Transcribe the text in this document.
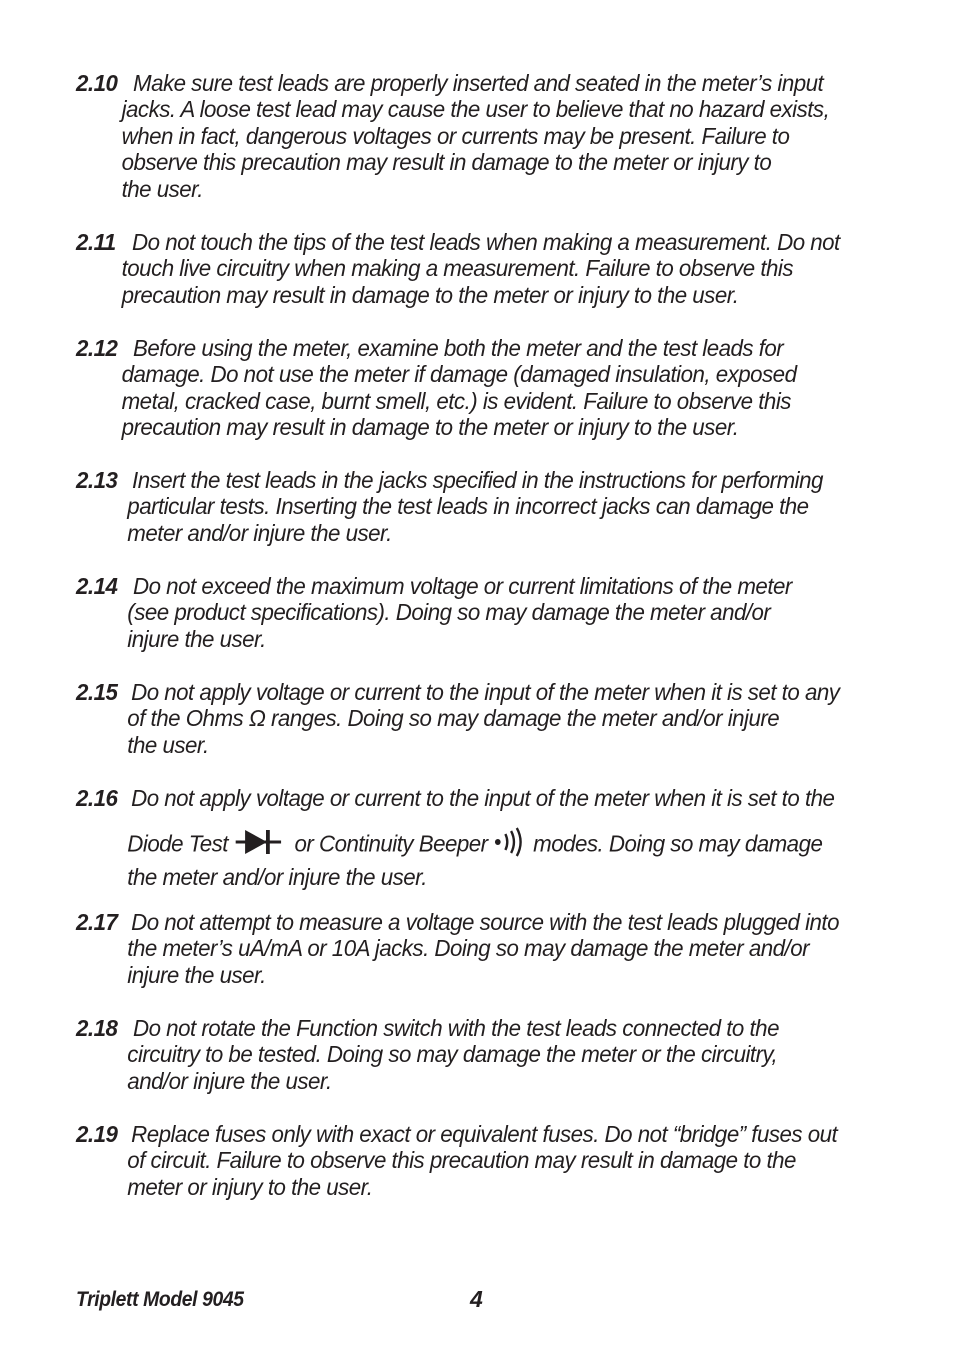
2.10 Make sure test leads are properly inserted and seated in the meter’s input
jacks. A loose test lead may cause the user to believe that no hazard exists,
when in fact, dangerous voltages or currents may be present. Failure to
observe this precaution may result in damage to the meter or injury to
the user.
2.11 Do not touch the tips of the test leads when making a measurement. Do not
touch live circuitry when making a measurement. Failure to observe this
precaution may result in damage to the meter or injury to the user.
2.12 Before using the meter, examine both the meter and the test leads for
damage. Do not use the meter if damage (damaged insulation, exposed
metal, cracked case, burnt smell, etc.) is evident. Failure to observe this
precaution may result in damage to the meter or injury to the user.
2.13 Insert the test leads in the jacks specified in the instructions for performing
particular tests. Inserting the test leads in incorrect jacks can damage the
meter and/or injure the user.
2.14 Do not exceed the maximum voltage or current limitations of the meter
(see product specifications). Doing so may damage the meter and/or
injure the user.
2.15 Do not apply voltage or current to the input of the meter when it is set to any
of the Ohms Ω ranges. Doing so may damage the meter and/or injure
the user.
2.16 Do not apply voltage or current to the input of the meter when it is set to the
Diode Test	or Continuity Beeper modes. Doing so may damage
the meter and/or injure the user.
2.17 Do not attempt to measure a voltage source with the test leads plugged into
the meter’s uA/mA or 10A jacks. Doing so may damage the meter and/or
injure the user.
2.18 Do not rotate the Function switch with the test leads connected to the
circuitry to be tested. Doing so may damage the meter or the circuitry,
and/or injure the user.
2.19 Replace fuses only with exact or equivalent fuses. Do not “bridge” fuses out
of circuit. Failure to observe this precaution may result in damage to the
meter or injury to the user.
Triplett Model 9045	4
